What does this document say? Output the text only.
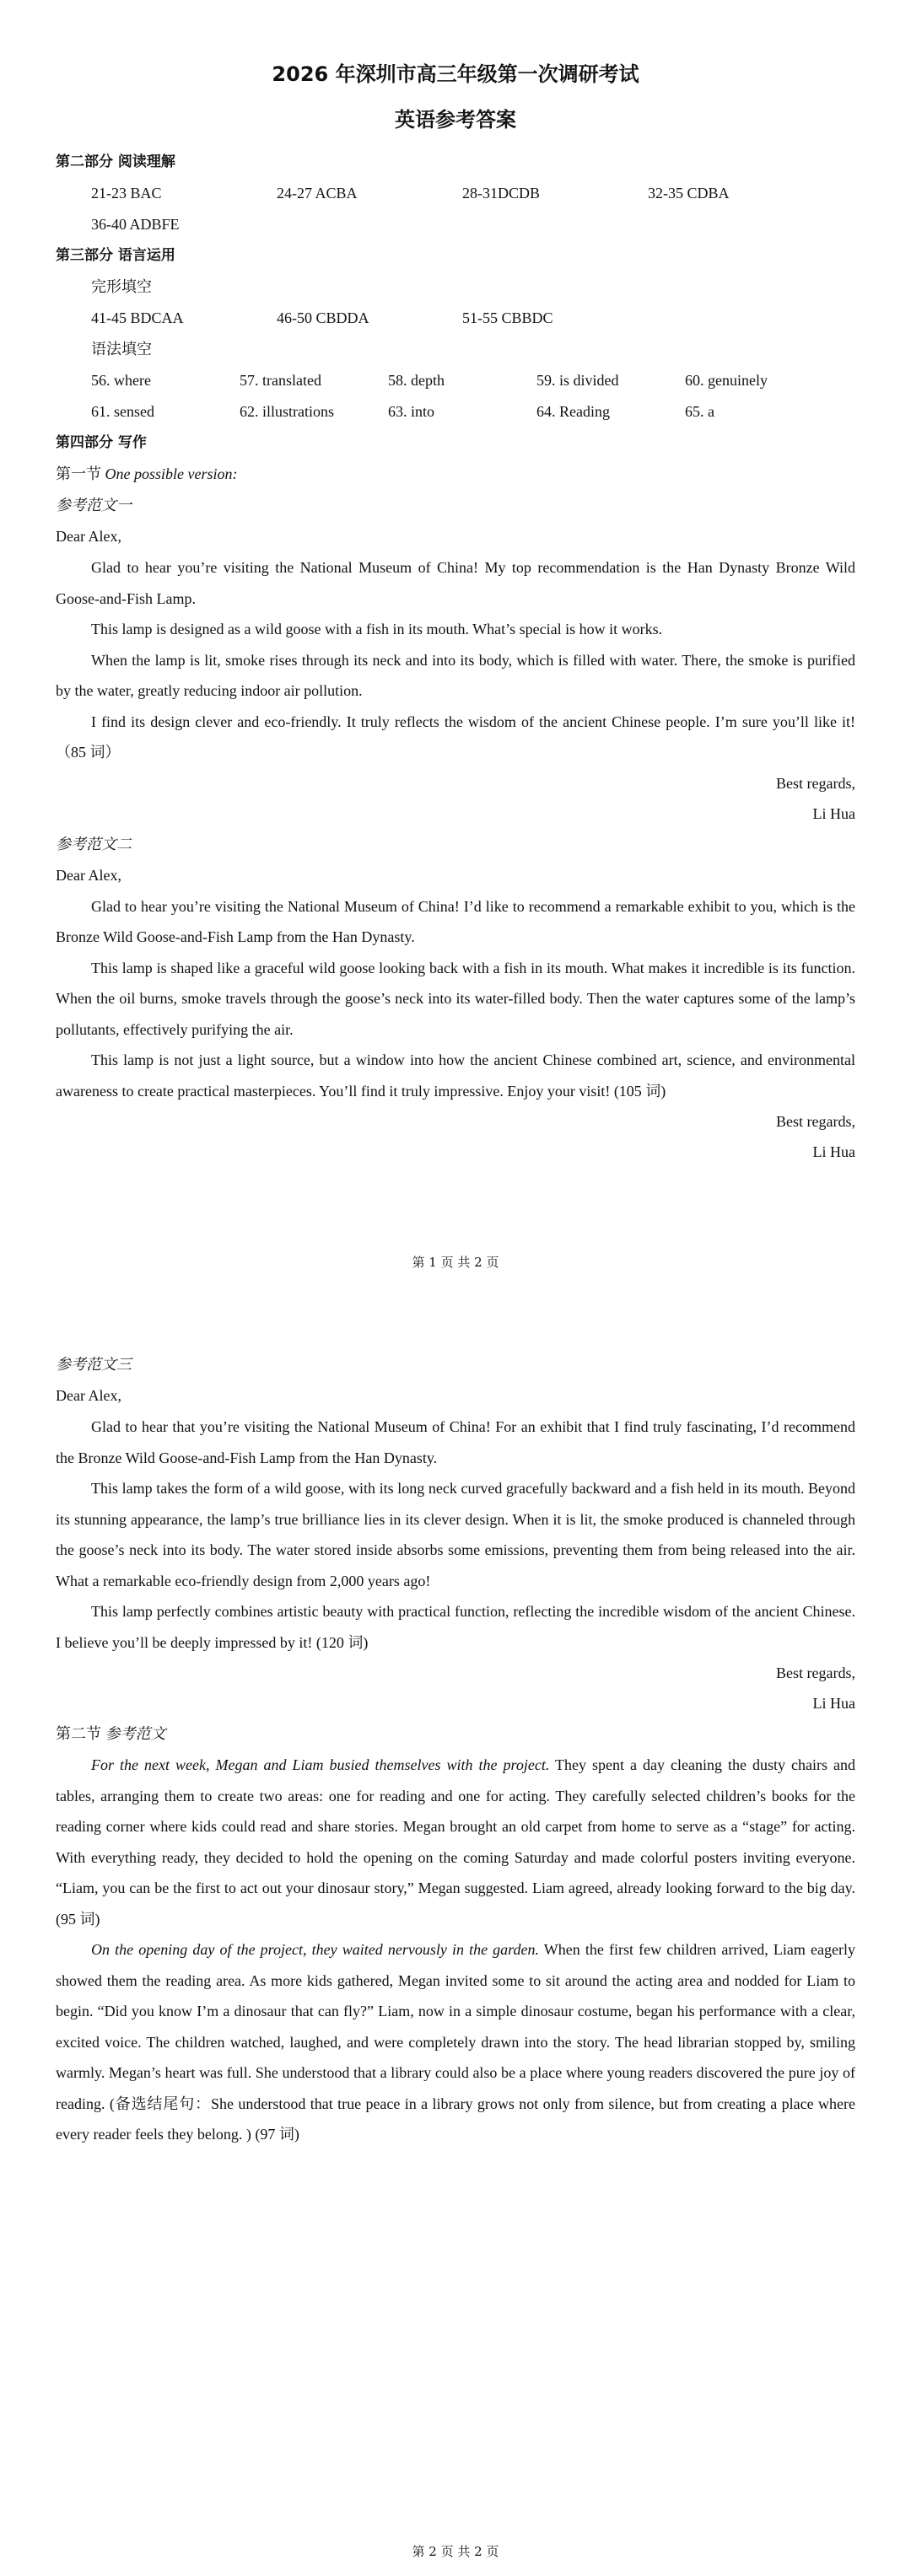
2026 年深圳市高三年级第一次调研考试
英语参考答案
第二部分 阅读理解
21-23 BAC	24-27 ACBA	28-31DCDB	32-35 CDBA
36-40 ADBFE
第三部分 语言运用
完形填空
41-45 BDCAA	46-50 CBDDA	51-55 CBBDC
语法填空
56. where	57. translated	58. depth	59. is divided	60. genuinely
61. sensed	62. illustrations	63. into	64. Reading	65. a
第四部分 写作
第一节 One possible version:
参考范文一
Dear Alex,

Glad to hear you’re visiting the National Museum of China! My top recommendation is the Han Dynasty Bronze Wild Goose-and-Fish Lamp.

This lamp is designed as a wild goose with a fish in its mouth. What’s special is how it works.

When the lamp is lit, smoke rises through its neck and into its body, which is filled with water. There, the smoke is purified by the water, greatly reducing indoor air pollution.

I find its design clever and eco-friendly. It truly reflects the wisdom of the ancient Chinese people. I’m sure you’ll like it! （85 词）

Best regards,
Li Hua
参考范文二
Dear Alex,

Glad to hear you’re visiting the National Museum of China! I’d like to recommend a remarkable exhibit to you, which is the Bronze Wild Goose-and-Fish Lamp from the Han Dynasty.

This lamp is shaped like a graceful wild goose looking back with a fish in its mouth. What makes it incredible is its function. When the oil burns, smoke travels through the goose’s neck into its water-filled body. Then the water captures some of the lamp’s pollutants, effectively purifying the air.

This lamp is not just a light source, but a window into how the ancient Chinese combined art, science, and environmental awareness to create practical masterpieces. You’ll find it truly impressive. Enjoy your visit! (105 词)

Best regards,
Li Hua
第 1 页 共 2 页
参考范文三
Dear Alex,

Glad to hear that you’re visiting the National Museum of China! For an exhibit that I find truly fascinating, I’d recommend the Bronze Wild Goose-and-Fish Lamp from the Han Dynasty.

This lamp takes the form of a wild goose, with its long neck curved gracefully backward and a fish held in its mouth. Beyond its stunning appearance, the lamp’s true brilliance lies in its clever design. When it is lit, the smoke produced is channeled through the goose’s neck into its body. The water stored inside absorbs some emissions, preventing them from being released into the air. What a remarkable eco-friendly design from 2,000 years ago!

This lamp perfectly combines artistic beauty with practical function, reflecting the incredible wisdom of the ancient Chinese. I believe you’ll be deeply impressed by it! (120 词)

Best regards,
Li Hua
第二节 参考范文

For the next week, Megan and Liam busied themselves with the project. They spent a day cleaning the dusty chairs and tables, arranging them to create two areas: one for reading and one for acting. They carefully selected children’s books for the reading corner where kids could read and share stories. Megan brought an old carpet from home to serve as a “stage” for acting. With everything ready, they decided to hold the opening on the coming Saturday and made colorful posters inviting everyone. “Liam, you can be the first to act out your dinosaur story,” Megan suggested. Liam agreed, already looking forward to the big day. (95 词)

On the opening day of the project, they waited nervously in the garden. When the first few children arrived, Liam eagerly showed them the reading area. As more kids gathered, Megan invited some to sit around the acting area and nodded for Liam to begin. “Did you know I’m a dinosaur that can fly?” Liam, now in a simple dinosaur costume, began his performance with a clear, excited voice. The children watched, laughed, and were completely drawn into the story. The head librarian stopped by, smiling warmly. Megan’s heart was full. She understood that a library could also be a place where young readers discovered the pure joy of reading. (备选结尾句：She understood that true peace in a library grows not only from silence, but from creating a place where every reader feels they belong. ) (97 词)

第 2 页 共 2 页
